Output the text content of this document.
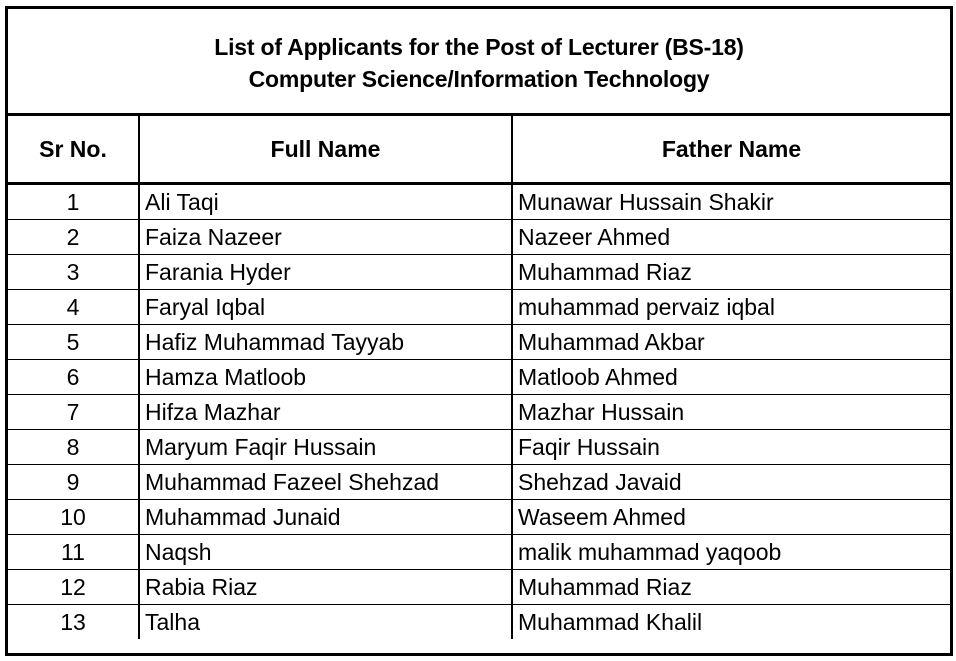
List of Applicants for the Post of Lecturer (BS-18)
Computer Science/Information Technology
Sr No.	Full Name	Father Name
1	Ali Taqi	Munawar Hussain Shakir
2	Faiza Nazeer	Nazeer Ahmed
3	Farania Hyder	Muhammad Riaz
4	Faryal Iqbal	muhammad pervaiz iqbal
5	Hafiz Muhammad Tayyab	Muhammad Akbar
6	Hamza Matloob	Matloob Ahmed
7	Hifza Mazhar	Mazhar Hussain
8	Maryum Faqir Hussain	Faqir Hussain
9	Muhammad Fazeel Shehzad	Shehzad Javaid
10	Muhammad Junaid	Waseem Ahmed
11	Naqsh	malik muhammad yaqoob
12	Rabia Riaz	Muhammad Riaz
13	Talha	Muhammad Khalil
